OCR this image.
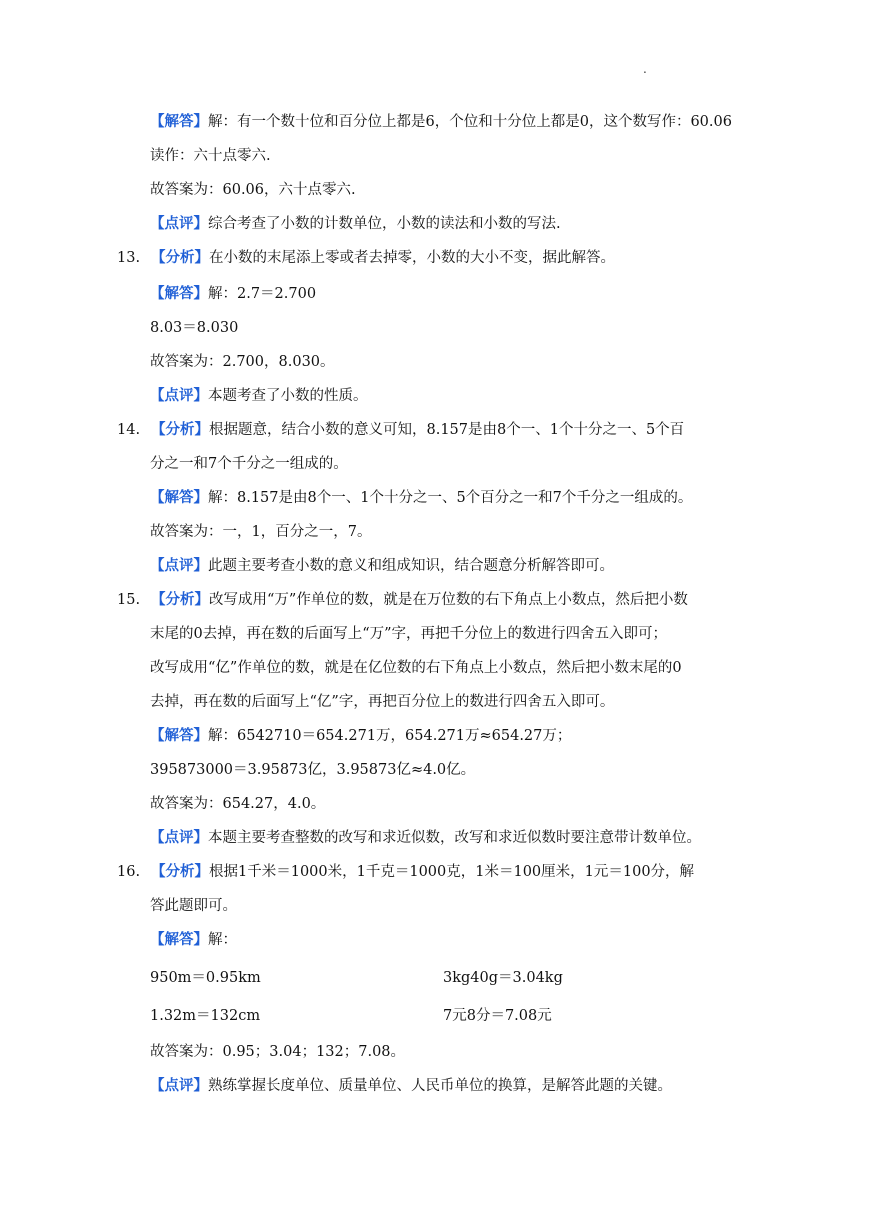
.
【解答】解：有一个数十位和百分位上都是6，个位和十分位上都是0，这个数写作：60.06
读作：六十点零六.
故答案为：60.06，六十点零六.
【点评】综合考查了小数的计数单位，小数的读法和小数的写法.
13. 【分析】在小数的末尾添上零或者去掉零，小数的大小不变，据此解答。
【解答】解：2.7＝2.700
8.03＝8.030
故答案为：2.700，8.030。
【点评】本题考查了小数的性质。
14. 【分析】根据题意，结合小数的意义可知，8.157是由8个一、1个十分之一、5个百
分之一和7个千分之一组成的。
【解答】解：8.157是由8个一、1个十分之一、5个百分之一和7个千分之一组成的。
故答案为：一，1，百分之一，7。
【点评】此题主要考查小数的意义和组成知识，结合题意分析解答即可。
15. 【分析】改写成用“万”作单位的数，就是在万位数的右下角点上小数点，然后把小数
末尾的0去掉，再在数的后面写上“万”字，再把千分位上的数进行四舍五入即可；
改写成用“亿”作单位的数，就是在亿位数的右下角点上小数点，然后把小数末尾的0
去掉，再在数的后面写上“亿”字，再把百分位上的数进行四舍五入即可。
【解答】解：6542710＝654.271万，654.271万≈654.27万；
395873000＝3.95873亿，3.95873亿≈4.0亿。
故答案为：654.27，4.0。
【点评】本题主要考查整数的改写和求近似数，改写和求近似数时要注意带计数单位。
16. 【分析】根据1千米＝1000米，1千克＝1000克，1米＝100厘米，1元＝100分，解
答此题即可。
【解答】解：
950m＝0.95km	3kg40g＝3.04kg
1.32m＝132cm	7元8分＝7.08元
故答案为：0.95；3.04；132；7.08。
【点评】熟练掌握长度单位、质量单位、人民币单位的换算，是解答此题的关键。
